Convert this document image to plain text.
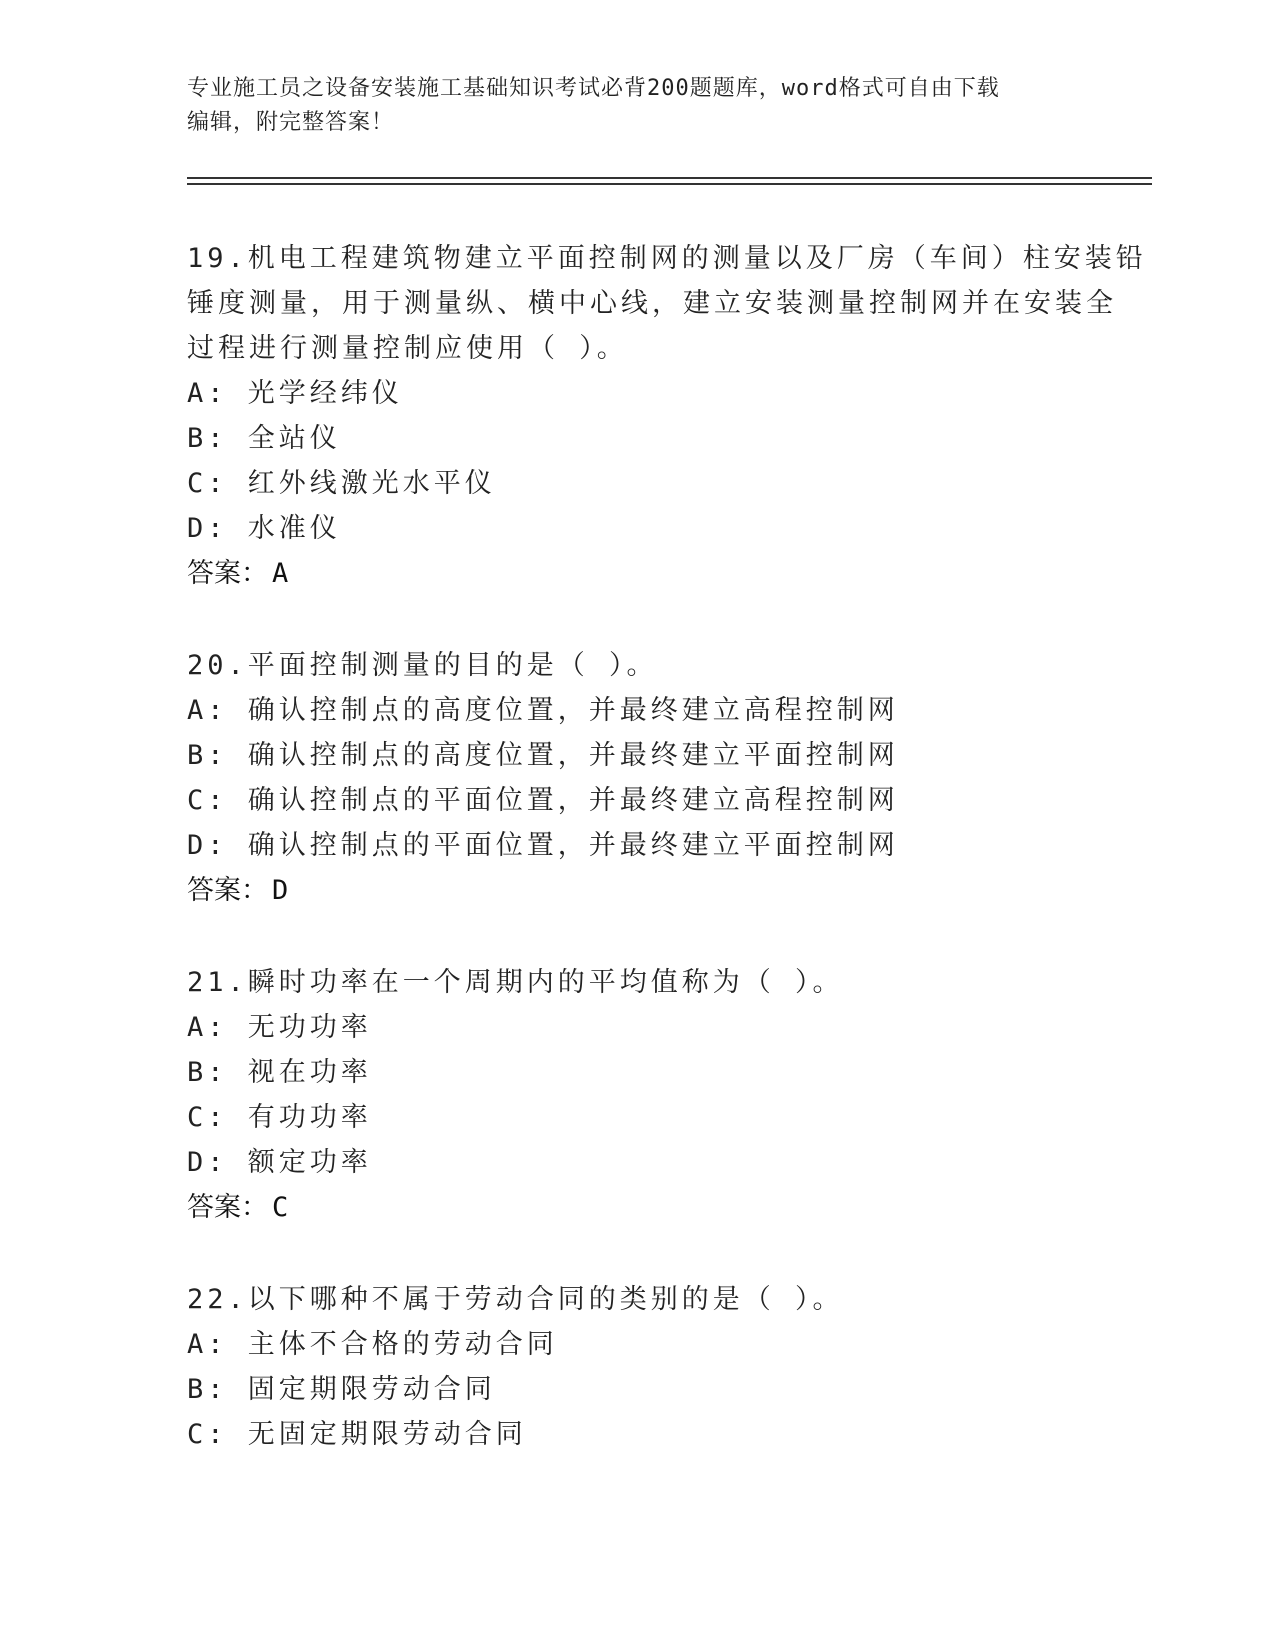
专业施工员之设备安装施工基础知识考试必背200题题库，word格式可自由下载
编辑，附完整答案！
19.机电工程建筑物建立平面控制网的测量以及厂房（车间）柱安装铅
锤度测量，用于测量纵、横中心线，建立安装测量控制网并在安装全
过程进行测量控制应使用（ ）。
A: 光学经纬仪
B: 全站仪
C: 红外线激光水平仪
D: 水准仪
答案： A
20.平面控制测量的目的是（ ）。
A: 确认控制点的高度位置，并最终建立高程控制网
B: 确认控制点的高度位置，并最终建立平面控制网
C: 确认控制点的平面位置，并最终建立高程控制网
D: 确认控制点的平面位置，并最终建立平面控制网
答案： D
21.瞬时功率在一个周期内的平均值称为（ ）。
A: 无功功率
B: 视在功率
C: 有功功率
D: 额定功率
答案： C
22.以下哪种不属于劳动合同的类别的是（ ）。
A: 主体不合格的劳动合同
B: 固定期限劳动合同
C: 无固定期限劳动合同
